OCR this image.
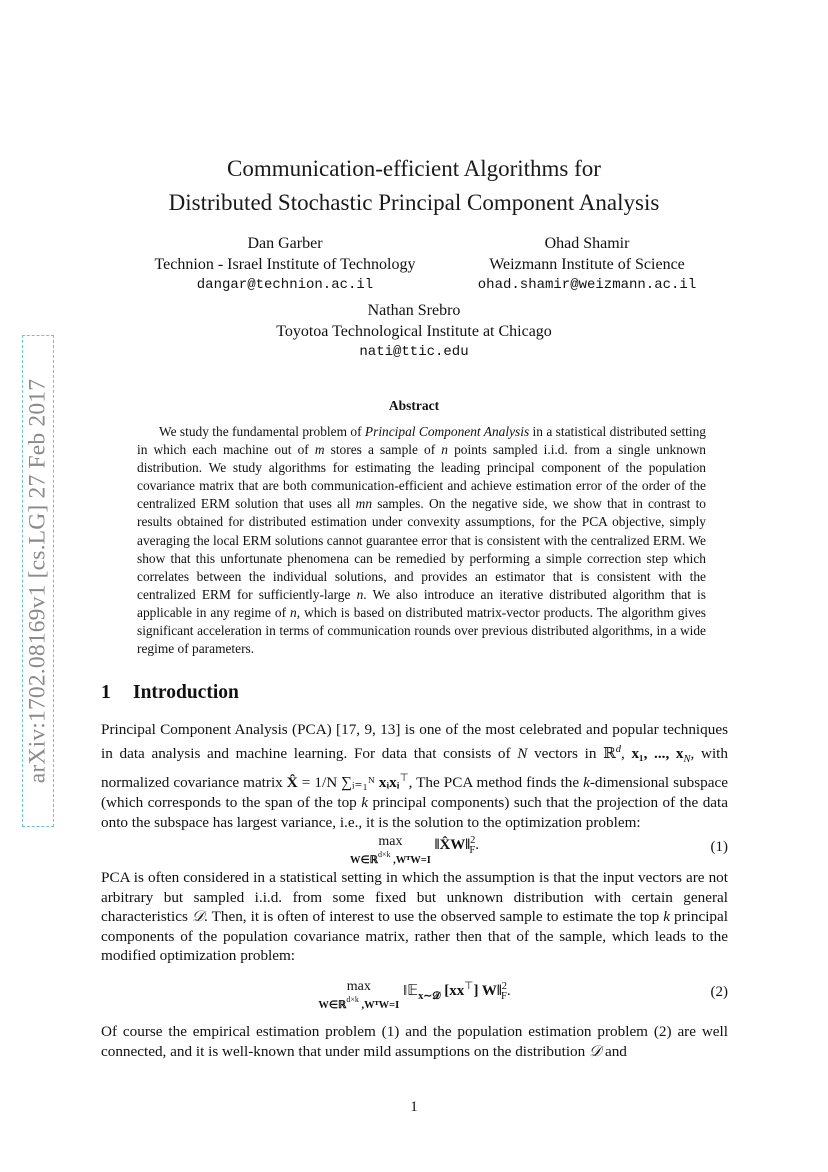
arXiv:1702.08169v1 [cs.LG] 27 Feb 2017
Communication-efficient Algorithms for
Distributed Stochastic Principal Component Analysis
Dan Garber
Technion - Israel Institute of Technology
dangar@technion.ac.il
Ohad Shamir
Weizmann Institute of Science
ohad.shamir@weizmann.ac.il
Nathan Srebro
Toyotoa Technological Institute at Chicago
nati@ttic.edu
Abstract

We study the fundamental problem of Principal Component Analysis in a statistical distributed setting in which each machine out of m stores a sample of n points sampled i.i.d. from a single unknown distribution. We study algorithms for estimating the leading principal component of the population covariance matrix that are both communication-efficient and achieve estimation error of the order of the centralized ERM solution that uses all mn samples. On the negative side, we show that in contrast to results obtained for distributed estimation under convexity assumptions, for the PCA objective, simply averaging the local ERM solutions cannot guarantee error that is consistent with the centralized ERM. We show that this unfortunate phenomena can be remedied by performing a simple correction step which correlates between the individual solutions, and provides an estimator that is consistent with the centralized ERM for sufficiently-large n. We also introduce an iterative distributed algorithm that is applicable in any regime of n, which is based on distributed matrix-vector products. The algorithm gives significant acceleration in terms of communication rounds over previous distributed algorithms, in a wide regime of parameters.

1 Introduction

Principal Component Analysis (PCA) [17, 9, 13] is one of the most celebrated and popular techniques in data analysis and machine learning. For data that consists of N vectors in ℝ$^d$, x₁, ..., $x_N$, with normalized covariance matrix X̂ = 1/N ∑ᵢ₌₁ᴺ xᵢxᵢ⊤, The PCA method finds the k-dimensional subspace (which corresponds to the span of the top k principal components) such that the projection of the data onto the subspace has largest variance, i.e., it is the solution to the optimization problem:

max
W∈ℝ$^{d\times k}$ ,WᵀW=I ‖X̂W‖$^2_F$.	(1)

PCA is often considered in a statistical setting in which the assumption is that the input vectors are not arbitrary but sampled i.i.d. from some fixed but unknown distribution with certain general characteristics 𝒟. Then, it is often of interest to use the observed sample to estimate the top k principal components of the population covariance matrix, rather then that of the sample, which leads to the modified optimization problem:

max
W∈ℝ$^{d\times k}$ ,WᵀW=I ‖𝔼$_{x\sim 𝒟}$ [xx⊤] W‖$^2_F$.	(2)

Of course the empirical estimation problem (1) and the population estimation problem (2) are well connected, and it is well-known that under mild assumptions on the distribution 𝒟 and

1
